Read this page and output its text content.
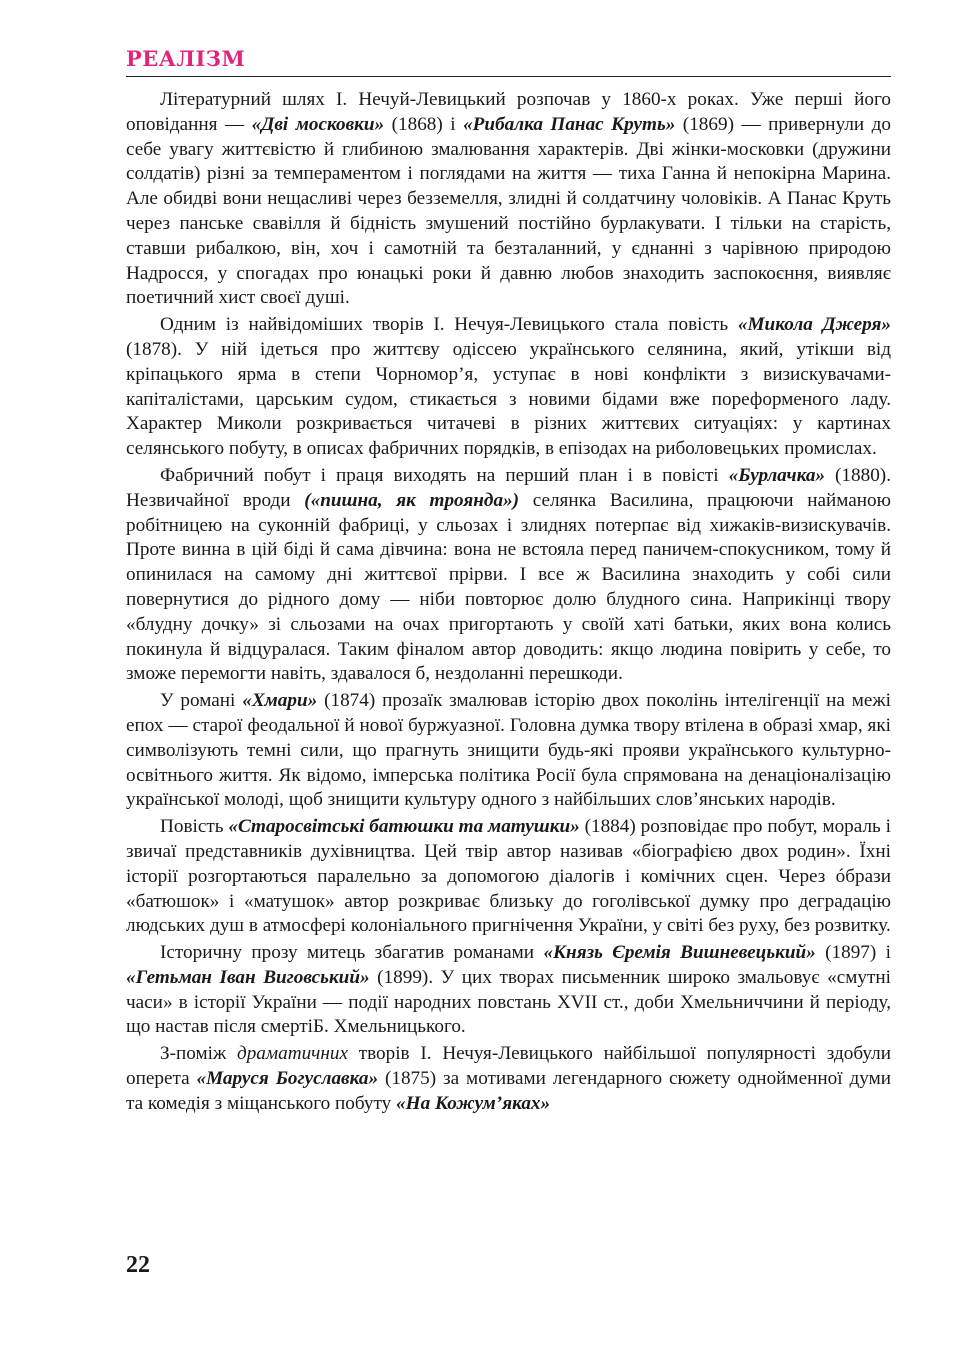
РЕАЛІЗМ

Літературний шлях І. Нечуй-Левицький розпочав у 1860-х роках. Уже перші його оповідання — «Дві московки» (1868) і «Рибалка Панас Круть» (1869) — привернули до себе увагу життєвістю й глибиною змалювання характерів. Дві жінки-московки (дружини солдатів) різні за темпераментом і поглядами на життя — тиха Ганна й непокірна Марина. Але обидві вони нещасливі через безземелля, злидні й солдатчину чоловіків. А Панас Круть через панське свавілля й бідність змушений постійно бурлакувати. І тільки на старість, ставши рибалкою, він, хоч і самотній та безталанний, у єднанні з чарівною природою Надросся, у спогадах про юнацькі роки й давню любов знаходить заспокоєння, виявляє поетичний хист своєї душі.

Одним із найвідоміших творів І. Нечуя-Левицького стала повість «Микола Джеря» (1878). У ній ідеться про життєву одіссею українського селянина, який, утікши від кріпацького ярма в степи Чорномор’я, уступає в нові конфлікти з визискувачами-капіталістами, царським судом, стикається з новими бідами вже пореформеного ладу. Характер Миколи розкривається читачеві в різних життєвих ситуаціях: у картинах селянського побуту, в описах фабричних порядків, в епізодах на риболовецьких промислах.

Фабричний побут і праця виходять на перший план і в повісті «Бурлачка» (1880). Незвичайної вроди («пишна, як троянда») селянка Василина, працюючи найманою робітницею на суконній фабриці, у сльозах і злиднях потерпає від хижаків-визискувачів. Проте винна в цій біді й сама дівчина: вона не встояла перед паничем-спокусником, тому й опинилася на самому дні життєвої прірви. І все ж Василина знаходить у собі сили повернутися до рідного дому — ніби повторює долю блудного сина. Наприкінці твору «блудну дочку» зі сльозами на очах пригортають у своїй хаті батьки, яких вона колись покинула й відцуралася. Таким фіналом автор доводить: якщо людина повірить у себе, то зможе перемогти навіть, здавалося б, нездоланні перешкоди.

У романі «Хмари» (1874) прозаїк змалював історію двох поколінь інтелігенції на межі епох — старої феодальної й нової буржуазної. Головна думка твору втілена в образі хмар, які символізують темні сили, що прагнуть знищити будь-які прояви українського культурно-освітнього життя. Як відомо, імперська політика Росії була спрямована на денаціоналізацію української молоді, щоб знищити культуру одного з найбільших слов’янських народів.

Повість «Старосвітські батюшки та матушки» (1884) розповідає про побут, мораль і звичаї представників духівництва. Цей твір автор називав «біографією двох родин». Їхні історії розгортаються паралельно за допомогою діалогів і комічних сцен. Через óбрази «батюшок» і «матушок» автор розкриває близьку до гоголівської думку про деградацію людських душ в атмосфері колоніального пригнічення України, у світі без руху, без розвитку.

Історичну прозу митець збагатив романами «Князь Єремія Вишневецький» (1897) і «Гетьман Іван Виговський» (1899). У цих творах письменник широко змальовує «смутні часи» в історії України — події народних повстань XVII ст., доби Хмельниччини й періоду, що настав після смертіБ. Хмельницького.

З-поміж драматичних творів І. Нечуя-Левицького найбільшої популярності здобули оперета «Маруся Богуславка» (1875) за мотивами легендарного сюжету однойменної думи та комедія з міщанського побуту «На Кожум’яках»

22
